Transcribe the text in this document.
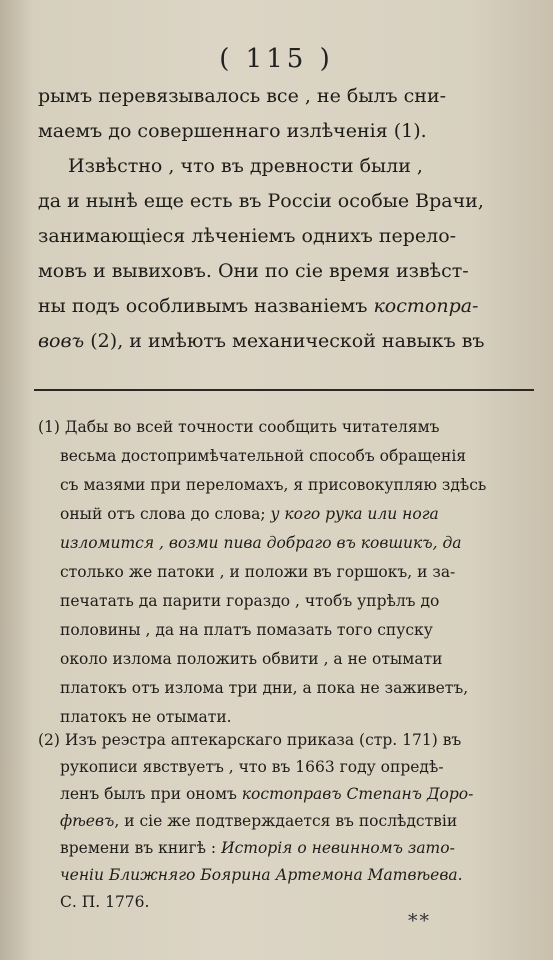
( 115 )
рымъ перевязывалось все , не былъ сни-
маемъ до совершеннаго излѣченія (1).
Извѣстно , что въ древности были ,
да и нынѣ еще есть въ Россіи особые Врачи,
занимающіеся лѣченіемъ однихъ перело-
мовъ и вывиховъ. Они по сіе время извѣст-
ны подъ особливымъ названіемъ костопра-
вовъ (2), и имѣютъ механической навыкъ въ
(1) Дабы во всей точности сообщить читателямъ
весьма достопримѣчательной способъ обращенія
съ мазями при переломахъ, я присовокупляю здѣсь
оный отъ слова до слова; у кого рука или нога
изломится , возми пива добраго въ ковшикъ, да
столько же патоки , и положи въ горшокъ, и за-
печатать да парити гораздо , чтобъ упрѣлъ до
половины , да на платъ помазать того спуску
около излома положить обвити , а не отымати
платокъ отъ излома три дни, а пока не заживетъ,
платокъ не отымати.
(2) Изъ реэстра аптекарскаго приказа (стр. 171) въ
рукописи явствуетъ , что въ 1663 году опредѣ-
ленъ былъ при ономъ костоправъ Степанъ Доро-
фѣевъ, и сіе же подтверждается въ послѣдствіи
времени въ книгѣ : Исторія о невинномъ зато-
ченіи Ближняго Боярина Артемона Матвѣева.
С. П. 1776.
**
